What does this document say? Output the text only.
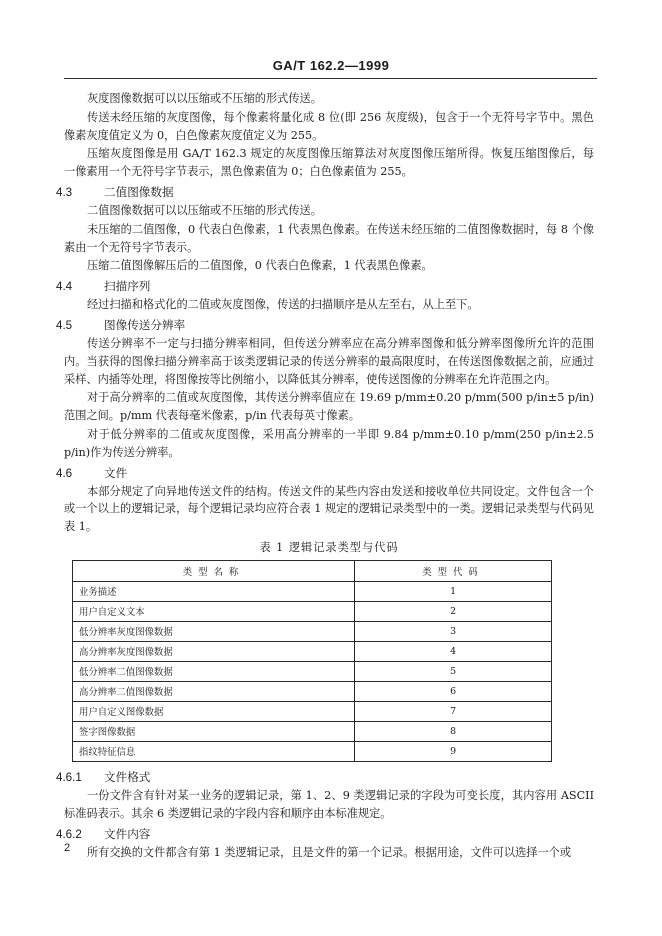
GA/T 162.2—1999

灰度图像数据可以以压缩或不压缩的形式传送。

传送未经压缩的灰度图像，每个像素将量化成 8 位(即 256 灰度级)，包含于一个无符号字节中。黑色像素灰度值定义为 0，白色像素灰度值定义为 255。

压缩灰度图像是用 GA/T 162.3 规定的灰度图像压缩算法对灰度图像压缩所得。恢复压缩图像后，每一像素用一个无符号字节表示，黑色像素值为 0；白色像素值为 255。

4.3	二值图像数据

二值图像数据可以以压缩或不压缩的形式传送。

未压缩的二值图像，0 代表白色像素，1 代表黑色像素。在传送未经压缩的二值图像数据时，每 8 个像素由一个无符号字节表示。

压缩二值图像解压后的二值图像，0 代表白色像素，1 代表黑色像素。

4.4	扫描序列

经过扫描和格式化的二值或灰度图像，传送的扫描顺序是从左至右，从上至下。

4.5	图像传送分辨率

传送分辨率不一定与扫描分辨率相同，但传送分辨率应在高分辨率图像和低分辨率图像所允许的范围内。当获得的图像扫描分辨率高于该类逻辑记录的传送分辨率的最高限度时，在传送图像数据之前，应通过采样、内插等处理，将图像按等比例缩小，以降低其分辨率，使传送图像的分辨率在允许范围之内。

对于高分辨率的二值或灰度图像，其传送分辨率值应在 19.69 p/mm±0.20 p/mm(500 p/in±5 p/in)范围之间。p/mm 代表每毫米像素，p/in 代表每英寸像素。

对于低分辨率的二值或灰度图像，采用高分辨率的一半即 9.84 p/mm±0.10 p/mm(250 p/in±2.5 p/in)作为传送分辨率。

4.6	文件

本部分规定了向异地传送文件的结构。传送文件的某些内容由发送和接收单位共同设定。文件包含一个或一个以上的逻辑记录，每个逻辑记录均应符合表 1 规定的逻辑记录类型中的一类。逻辑记录类型与代码见表 1。

表 1 逻辑记录类型与代码
类型名称	类型代码
业务描述	1
用户自定义文本	2
低分辨率灰度图像数据	3
高分辨率灰度图像数据	4
低分辨率二值图像数据	5
高分辨率二值图像数据	6
用户自定义图像数据	7
签字图像数据	8
指纹特征信息	9
4.6.1 文件格式

一份文件含有针对某一业务的逻辑记录，第 1、2、9 类逻辑记录的字段为可变长度，其内容用 ASCII 标准码表示。其余 6 类逻辑记录的字段内容和顺序由本标准规定。

4.6.2 文件内容

所有交换的文件都含有第 1 类逻辑记录，且是文件的第一个记录。根据用途，文件可以选择一个或

2
